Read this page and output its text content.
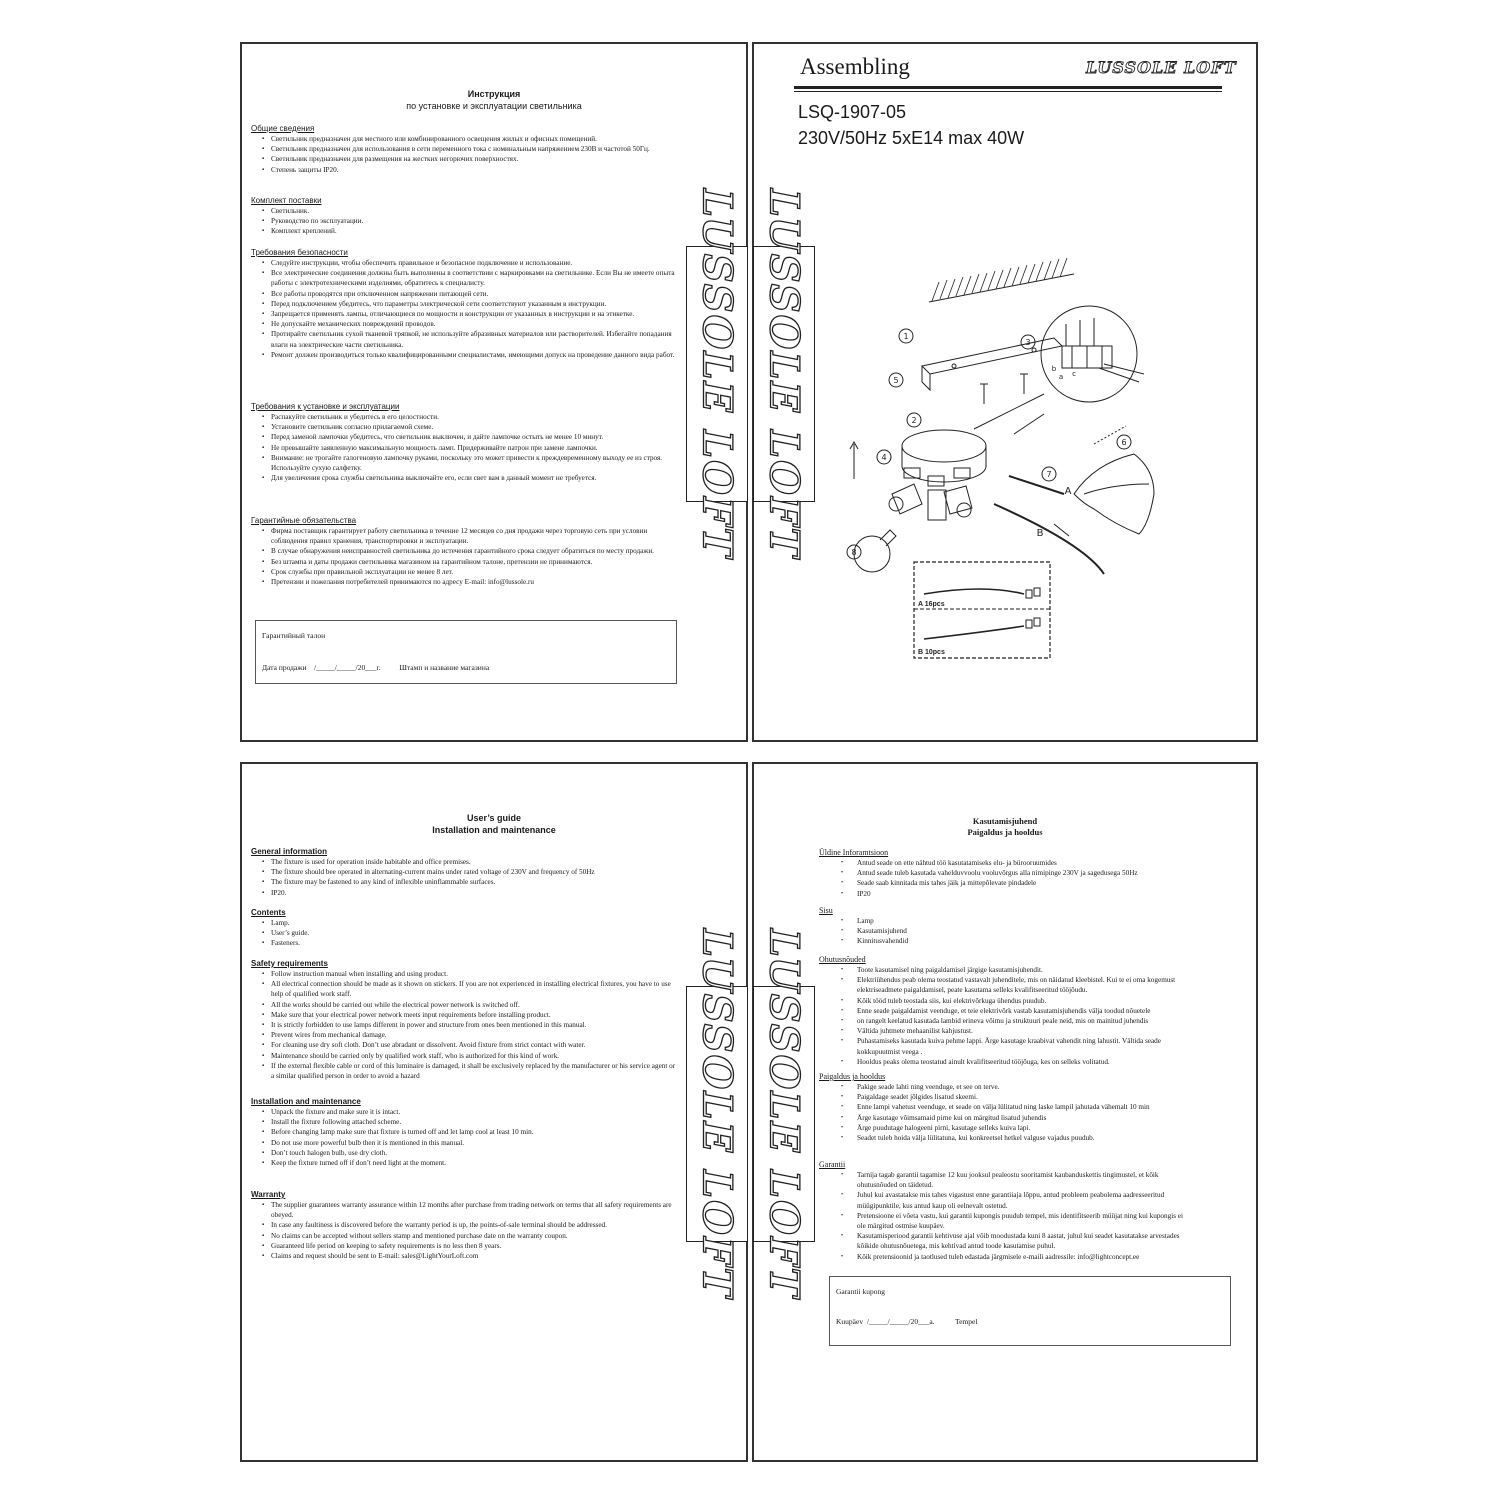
Инструкция
по установке и эксплуатации светильника
Общие сведения
▪ Светильник предназначен для местного или комбинированного освещения жилых и офисных помещений.
▪ Светильник предназначен для использования в сети переменного тока с номинальным напряжением 230В и частотой 50Гц.
▪ Светильник предназначен для размещения на жестких негорючих поверхностях.
▪ Степень защиты IP20.
Комплект поставки
▪ Светильник.
▪ Руководство по эксплуатации.
▪ Комплект креплений.
Требования безопасности
▪ Следуйте инструкции, чтобы обеспечить правильное и безопасное подключение и использование.
▪ Все электрические соединения должны быть выполнены в соответствии с маркировками на светильнике. Если Вы не имеете опыта работы с электротехническими изделиями, обратитесь к специалисту.
▪ Все работы проводятся при отключенном напряжении питающей сети.
▪ Перед подключением убедитесь, что параметры электрической сети соответствуют указанным в инструкции.
▪ Запрещается применять лампы, отличающиеся по мощности и конструкции от указанных в инструкции и на этикетке.
▪ Не допускайте механических повреждений проводов.
▪ Протирайте светильник сухой тканевой тряпкой, не используйте абразивных материалов или растворителей. Избегайте попадания влаги на электрические части светильника.
▪ Ремонт должен производиться только квалифицированными специалистами, имеющими допуск на проведение данного вида работ.
Требования к установке и эксплуатации
▪ Распакуйте светильник и убедитесь в его целостности.
▪ Установите светильник согласно прилагаемой схеме.
▪ Перед заменой лампочки убедитесь, что светильник выключен, и дайте лампочке остыть не менее 10 минут.
▪ Не превышайте заявленную максимальную мощность ламп. Придерживайте патрон при замене лампочки.
▪ Внимание: не трогайте галогеновую лампочку руками, поскольку это может привести к преждевременному выходу ее из строя. Используйте сухую салфетку.
▪ Для увеличения срока службы светильника выключайте его, если свет вам в данный момент не требуется.
Гарантийные обязательства
▪ Фирма поставщик гарантирует работу светильника в течение 12 месяцев со дня продажи через торговую сеть при условии соблюдения правил хранения, транспортировки и эксплуатации.
▪ В случае обнаружения неисправностей светильника до истечения гарантийного срока следует обратиться по месту продажи.
▪ Без штампа и даты продажи светильника магазином на гарантийном талоне, претензии не принимаются.
▪ Срок службы при правильной эксплуатации не менее 8 лет.
▪ Претензии и пожелания потребителей принимаются по адресу E-mail: info@lussole.ru
Гарантийный талон
Дата продажи    /_____/_____/20___г.          Штамп и название магазина
Assembling	LUSSOLE LOFT
LSQ-1907-05
230V/50Hz 5xE14 max 40W
1
2
3
4
5
6
7
8
A
B
a
b
c
A 16pcs
B 10pcs
User’s guide
Installation and maintenance
General information
▪ The fixture is used for operation inside habitable and office premises.
▪ The fixture should bee operated in alternating-current mains under rated voltage of 230V and frequency of 50Hz
▪ The fixture may be fastened to any kind of inflexible uninflammable surfaces.
▪ IP20.
Contents
▪ Lamp.
▪ User’s guide.
▪ Fasteners.
Safety requirements
▪ Follow instruction manual when installing and using product.
▪ All electrical connection should be made as it shown on stickers. If you are not experienced in installing electrical fixtures, you have to use help of qualified work staff.
▪ All the works should be carried out while the electrical power network is switched off.
▪ Make sure that your electrical power network meets input requirements before installing product.
▪ It is strictly forbidden to use lamps different in power and structure from ones been mentioned in this manual.
▪ Prevent wires from mechanical damage.
▪ For cleaning use dry soft cloth. Don’t use abradant or dissolvent. Avoid fixture from strict contact with water.
▪ Maintenance should be carried only by qualified work staff, who is authorized for this kind of work.
▪ If the external flexible cable or cord of this luminaire is damaged, it shall be exclusively replaced by the manufacturer or his service agent or a similar qualified person in order to avoid a hazard
Installation and maintenance
▪ Unpack the fixture and make sure it is intact.
▪ Install the fixture following attached scheme.
▪ Before changing lamp make sure that fixture is turned off and let lamp cool at least 10 min.
▪ Do not use more powerful bulb then it is mentioned in this manual.
▪ Don’t touch halogen bulb, use dry cloth.
▪ Keep the fixture turned off if don’t need light at the moment.
Warranty
▪ The supplier guarantees warranty assurance within 12 months after purchase from trading network on terms that all safety requirements are obeyed.
▪ In case any faultiness is discovered before the warranty period is up, the points-of-sale terminal should be addressed.
▪ No claims can be accepted without sellers stamp and mentioned purchase date on the warranty coupon.
▪ Guaranteed life period on keeping to safety requirements is no less then 8 years.
▪ Claims and request should be sent to E-mail: sales@LightYourLoft.com
Kasutamisjuhend
Paigaldus ja hooldus
Üldine Inforamtsioon
• Antud seade on ette nähtud töö kasutatamiseks elu- ja bürooruumides
• Antud seade tuleb kasutada vahelduvvoolu vooluvõrgus alla nimipinge 230V ja sagedusega 50Hz
• Seade saab kinnitada mis tahes jäik ja mittepõlevate pindadele
• IP20
Sisu
• Lamp
• Kasutamisjuhend
• Kinnitusvahendid
Ohutusnõuded
• Toote kasutamisel ning paigaldamisel järgige kasutamisjuhendit.
• Elektriühendus peab olema teostatud vastavalt juhenditele, mis on näidatud kleebistel. Kui te ei oma kogemust elektriseadmete paigaldamisel, peate kasutama selleks kvalifitseeritud tööjõudu.
• Kõik tööd tuleb teostada siis, kui elektrivõrkuga ühendus puudub.
• Enne seade paigaldamist veenduge, et teie elektrivõrk vastab kasutamisjuhendis välja toodud nõuetele
• on rangelt keelatud kasutada lambid erineva võimu ja struktuuri peale neid, mis on mainitud juhendis
• Vältida juhtmete mehaanilist kahjustust.
• Puhastamiseks kasutada kuiva pehme lappi. Ärge kasutage kraabivat vahendit ning lahustit. Vältida seade kokkupuutmist veega .
• Hooldus peaks olema teostatud ainult kvalifitseeritud tööjõuga, kes on selleks volitatud.
Paigaldus ja hooldus
• Pakige seade lahti ning veenduge, et see on terve.
• Paigaldage seadet jõlgides lisatud skeemi.
• Enne lampi vahetust veenduge, et seade on välja lülitatud ning laske lampil jahutada vähemalt 10 min
• Ärge kasutage võimsamaid pirne kui on märgitud lisatud juhendis
• Ärge puudutage halogeeni pirni, kasutage selleks kuiva lapi.
• Seadet tuleb hoida välja lülitatuna, kui konkreetsel hetkel valguse vajadus puudub.
Garantii
• Tarnija tagab garantii tagamise 12 kuu jooksul pealeostu sooritamist kaubanduskettis tingimustel, et kõik ohutusnõuded on täidetud.
• Juhul kui avastatakse mis tahes vigastust enne garantiiaja lõppu, antud probleem peabolema aadresseeritud müügipunktile, kus antud kaup oli eelnevalt ostetud.
• Pretensioone ei võeta vastu, kui garantii kupongis puudub tempel, mis identifitseerib müüjat ning kui kupongis ei ole märgitud ostmise kuupäev.
• Kasutamisperiood garantii kehtivuse ajal võib moodustada kuni 8 aastat, juhul kui seadet kasutatakse arvestades kõikide ohutusnõuetega, mis kehtivad antud toode kasutamise puhul.
• Kõik pretensioonid ja taotlused tuleb edastada järgmisele e-maili aadressile: info@lightconcept.ee
Garantii kupong
Kuupäev  /_____/_____/20___a.           Tempel
LUSSOLE LOFT LUSSOLE LOFT
LUSSOLE LOFT LUSSOLE LOFT
